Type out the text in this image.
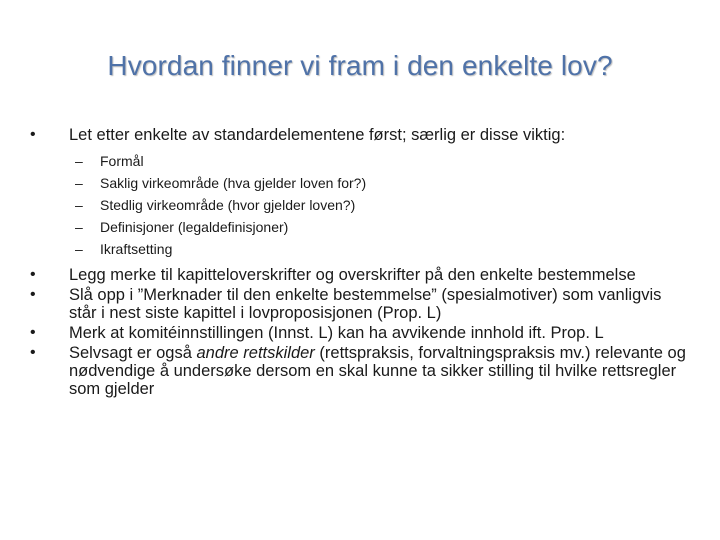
Hvordan finner vi fram i den enkelte lov?
• Let etter enkelte av standardelementene først; særlig er disse viktig:
– Formål
– Saklig virkeområde (hva gjelder loven for?)
– Stedlig virkeområde (hvor gjelder loven?)
– Definisjoner (legaldefinisjoner)
– Ikraftsetting
• Legg merke til kapitteloverskrifter og overskrifter på den enkelte bestemmelse
• Slå opp i ”Merknader til den enkelte bestemmelse” (spesialmotiver) som vanligvis står i nest siste kapittel i lovproposisjonen (Prop. L)
• Merk at komitéinnstillingen (Innst. L) kan ha avvikende innhold ift. Prop. L
• Selvsagt er også andre rettskilder (rettspraksis, forvaltningspraksis mv.) relevante og nødvendige å undersøke dersom en skal kunne ta sikker stilling til hvilke rettsregler som gjelder
